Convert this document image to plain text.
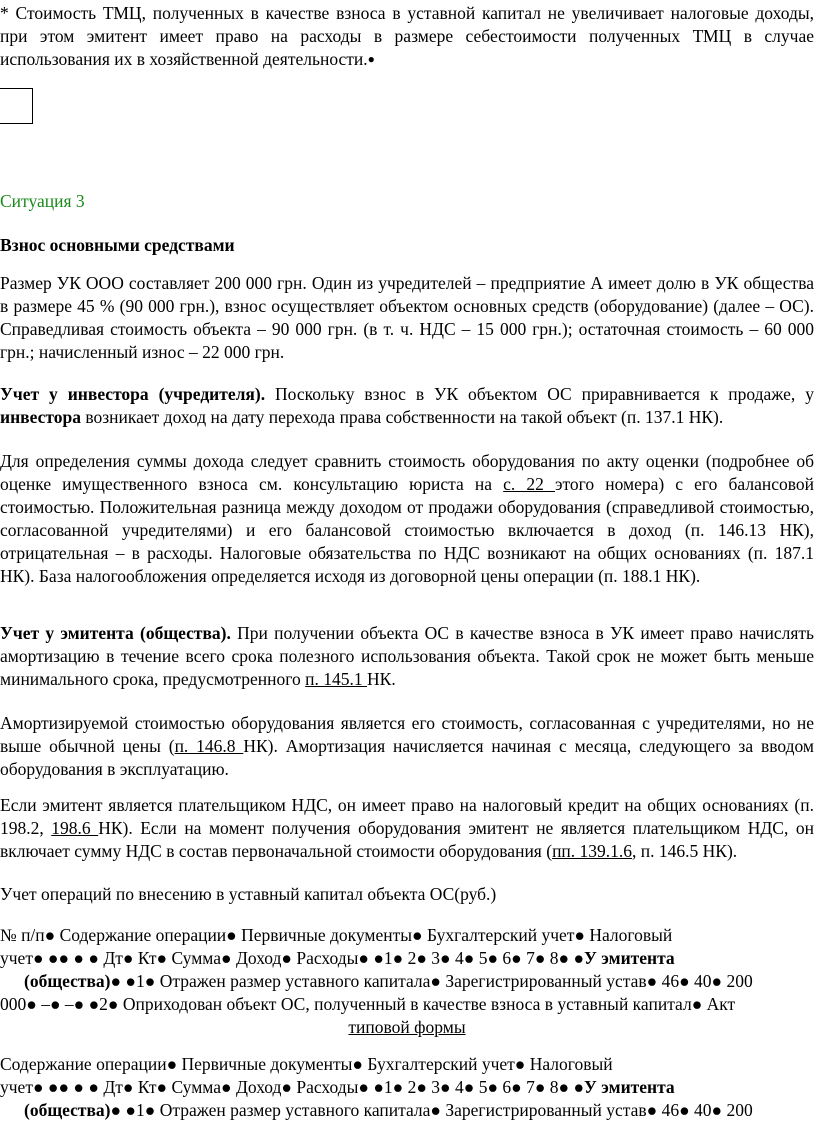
* Стоимость ТМЦ, полученных в качестве взноса в уставной капитал не увеличивает налоговые доходы, при этом эмитент имеет право на расходы в размере себестоимости полученных ТМЦ в случае использования их в хозяйственной деятельности.●

Ситуация 3

Взнос основными средствами

Размер УК ООО составляет 200 000 грн. Один из учредителей – предприятие А имеет долю в УК общества в размере 45 % (90 000 грн.), взнос осуществляет объектом основных средств (оборудование) (далее – ОС). Справедливая стоимость объекта – 90 000 грн. (в т. ч. НДС – 15 000 грн.); остаточная стоимость – 60 000 грн.; начисленный износ – 22 000 грн.

Учет у инвестора (учредителя). Поскольку взнос в УК объектом ОС приравнивается к продаже, у инвестора возникает доход на дату перехода права собственности на такой объект (п. 137.1 НК).

Для определения суммы дохода следует сравнить стоимость оборудования по акту оценки (подробнее об оценке имущественного взноса см. консультацию юриста на с. 22 этого номера) с его балансовой стоимостью. Положительная разница между доходом от продажи оборудования (справедливой стоимостью, согласованной учредителями) и его балансовой стоимостью включается в доход (п. 146.13 НК), отрицательная – в расходы. Налоговые обязательства по НДС возникают на общих основаниях (п. 187.1 НК). База налогообложения определяется исходя из договорной цены операции (п. 188.1 НК).

Учет у эмитента (общества). При получении объекта ОС в качестве взноса в УК имеет право начислять амортизацию в течение всего срока полезного использования объекта. Такой срок не может быть меньше минимального срока, предусмотренного п. 145.1 НК.

Амортизируемой стоимостью оборудования является его стоимость, согласованная с учредителями, но не выше обычной цены (п. 146.8 НК). Амортизация начисляется начиная с месяца, следующего за вводом оборудования в эксплуатацию.

Если эмитент является плательщиком НДС, он имеет право на налоговый кредит на общих основаниях (п. 198.2, 198.6 НК). Если на момент получения оборудования эмитент не является плательщиком НДС, он включает сумму НДС в состав первоначальной стоимости оборудования (пп. 139.1.6, п. 146.5 НК).

Учет операций по внесению в уставный капитал объекта ОС(руб.)

№ п/п● Содержание операции● Первичные документы● Бухгалтерский учет● Налоговый
учет● ●● ● ● Дт● Кт● Сумма● Доход● Расходы● ●1● 2● 3● 4● 5● 6● 7● 8● ●У эмитента
(общества)● ●1● Отражен размер уставного капитала● Зарегистрированный устав● 46● 40● 200
000● –● –● ●2● Оприходован объект ОС, полученный в качестве взноса в уставный капитал● Акт
типовой формы
Содержание операции● Первичные документы● Бухгалтерский учет● Налоговый
учет● ●● ● ● Дт● Кт● Сумма● Доход● Расходы● ●1● 2● 3● 4● 5● 6● 7● 8● ●У эмитента
(общества)● ●1● Отражен размер уставного капитала● Зарегистрированный устав● 46● 40● 200
